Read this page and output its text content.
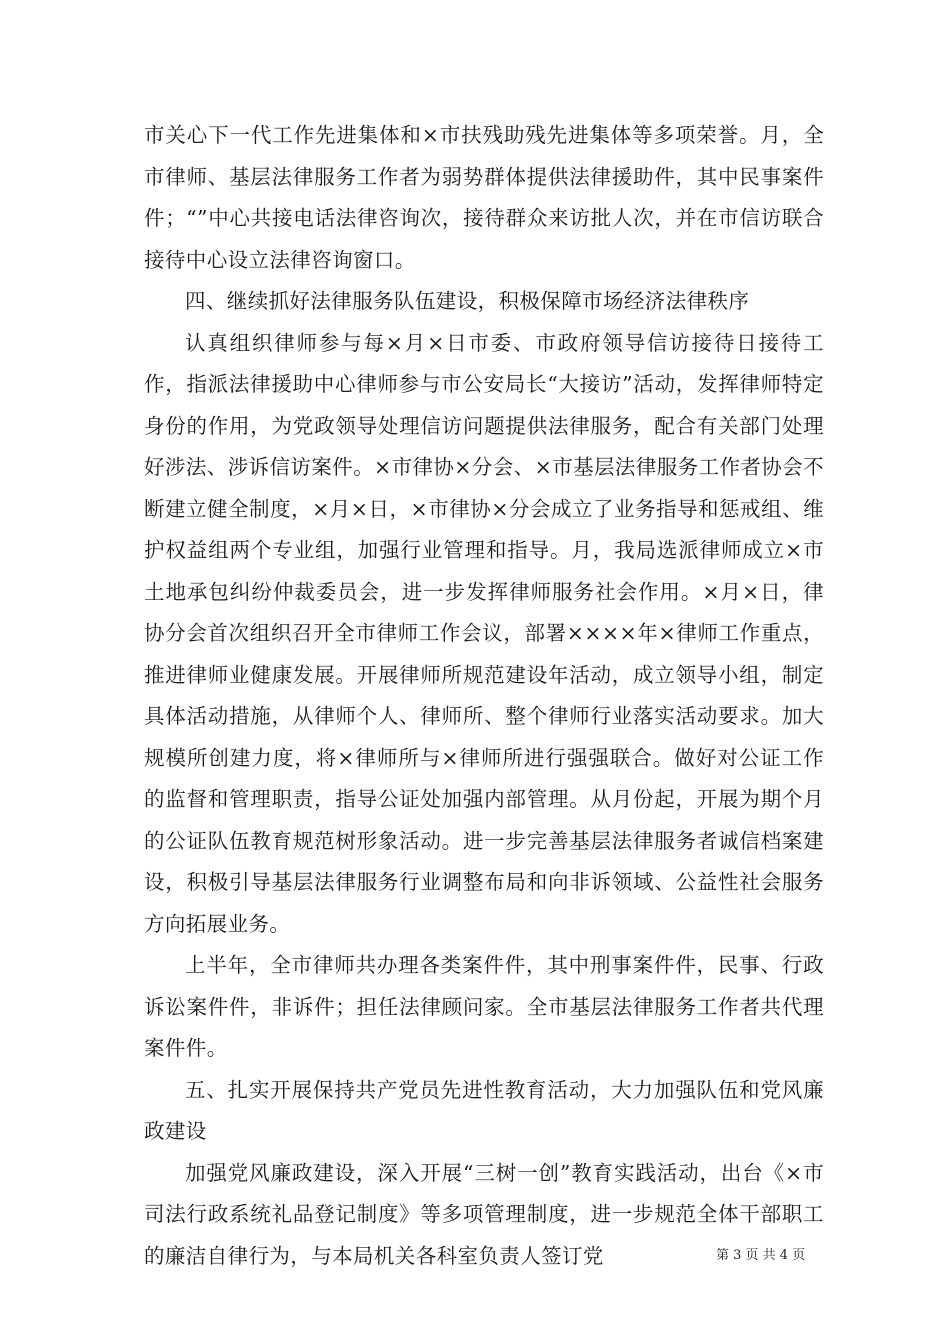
市关心下一代工作先进集体和×市扶残助残先进集体等多项荣誉。月，全市律师、基层法律服务工作者为弱势群体提供法律援助件，其中民事案件件；“”中心共接电话法律咨询次，接待群众来访批人次，并在市信访联合接待中心设立法律咨询窗口。

四、继续抓好法律服务队伍建设，积极保障市场经济法律秩序

认真组织律师参与每×月×日市委、市政府领导信访接待日接待工作，指派法律援助中心律师参与市公安局长“大接访”活动，发挥律师特定身份的作用，为党政领导处理信访问题提供法律服务，配合有关部门处理好涉法、涉诉信访案件。×市律协×分会、×市基层法律服务工作者协会不断建立健全制度，×月×日，×市律协×分会成立了业务指导和惩戒组、维护权益组两个专业组，加强行业管理和指导。月，我局选派律师成立×市土地承包纠纷仲裁委员会，进一步发挥律师服务社会作用。×月×日，律协分会首次组织召开全市律师工作会议，部署××××年×律师工作重点，推进律师业健康发展。开展律师所规范建设年活动，成立领导小组，制定具体活动措施，从律师个人、律师所、整个律师行业落实活动要求。加大规模所创建力度，将×律师所与×律师所进行强强联合。做好对公证工作的监督和管理职责，指导公证处加强内部管理。从月份起，开展为期个月的公证队伍教育规范树形象活动。进一步完善基层法律服务者诚信档案建设，积极引导基层法律服务行业调整布局和向非诉领域、公益性社会服务方向拓展业务。

上半年，全市律师共办理各类案件件，其中刑事案件件，民事、行政诉讼案件件，非诉件；担任法律顾问家。全市基层法律服务工作者共代理案件件。

五、扎实开展保持共产党员先进性教育活动，大力加强队伍和党风廉政建设

加强党风廉政建设，深入开展“三树一创”教育实践活动，出台《×市司法行政系统礼品登记制度》等多项管理制度，进一步规范全体干部职工的廉洁自律行为，与本局机关各科室负责人签订党	第 3 页 共 4 页
